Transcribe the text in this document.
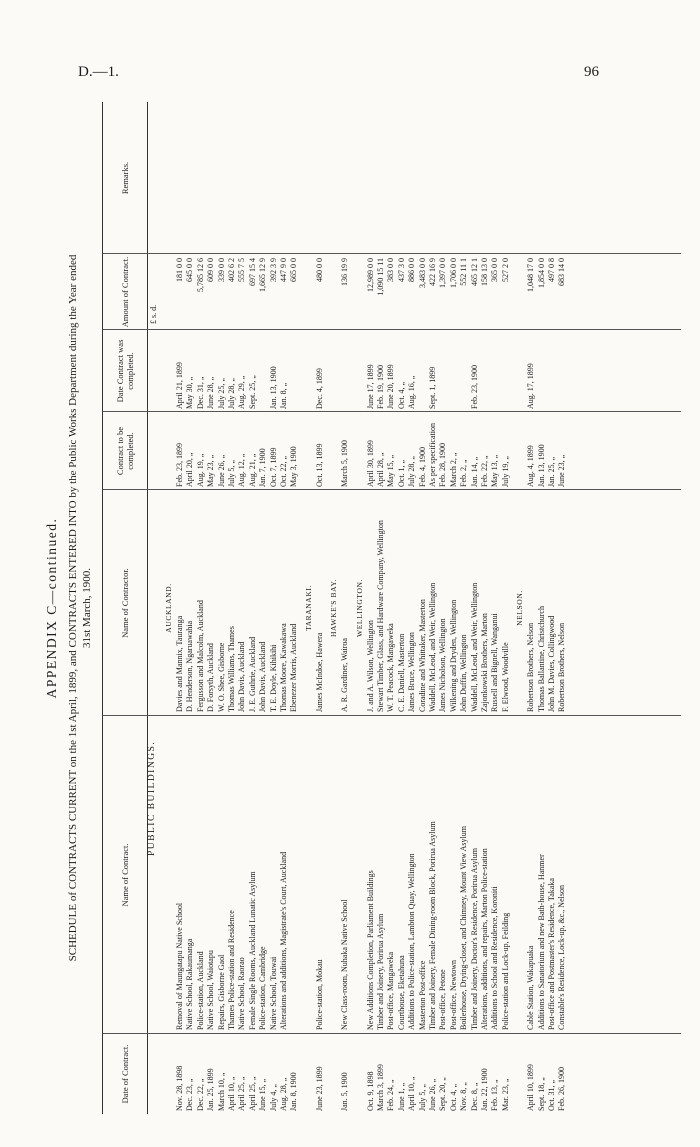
D.—1.	96
APPENDIX C—continued. SCHEDULE of CONTRACTS CURRENT on the 1st April, 1899, and CONTRACTS ENTERED INTO by the Public Works Department during the Year ended 31st March, 1900.
Date of Contract.
Name of Contract.
Name of Contractor.
Contract to be completed.
Date Contract was completed.
Amount of Contract.
Remarks.
PUBLIC BUILDINGS.
£ s. d.
AUCKLAND.
Nov. 28, 1898
Removal of Maungatapu Native School
Davies and Mannix, Tauranga
Feb. 23, 1899
April 21, 1899
181 0 0
Dec. 23, „
Native School, Rakaumanga
D. Henderson, Ngaruawahia
April 20, „
May 30, „
645 0 0
Dec. 22, „
Police-station, Auckland
Fergusson and Malcolm, Auckland
Aug. 19, „
Dec. 31, „
5,785 12 6
Jan. 25, 1899
Native School, Waiotapu
D. Forsyth, Auckland
May 23, „
June 28, „
609 0 0
March 10, „
Repairs, Gisborne Gaol
W. O. Shee, Gisborne
June 26, „
July 25, „
339 0 0
April 10, „
Thames Police-station and Residence
Thomas Williams, Thames
July 5, „
July 28, „
402 6 2
April 25, „
Native School, Raorao
John Davis, Auckland
Aug. 12, „
Aug. 29, „
555 7 5
April 25, „
Female Single Rooms, Auckland Lunatic Asylum
J. E. Guthrie, Auckland
Aug. 21, „
Sept. 25, „
697 15 4
June 15, „
Police-station, Cambridge
John Davis, Auckland
Jan. 7, 1900
1,665 12 9
July 4, „
Native School, Touwai
T. E. Doyle, Kihikihi
Oct. 7, 1899
Jan. 13, 1900
392 3 9
Aug. 28, „
Alterations and additions, Magistrate's Court, Auckland
Thomas Moore, Kawakawa
Oct. 22, „
Jan. 8, „
447 9 0
Jan. 8, 1900
Ebenezer Morris, Auckland
May 3, 1900
665 0 0
TARANAKI.
June 23, 1899
Police-station, Mokau
James McIndoe, Hawera
Oct. 13, 1899
Dec. 4, 1899
480 0 0
HAWKE'S BAY.
Jan. 5, 1900
New Class-room, Nuhaka Native School
A. R. Gardiner, Wairoa
March 5, 1900
136 19 9
WELLINGTON.
Oct. 9, 1898
New Additions Completion, Parliament Buildings
J. and A. Wilson, Wellington
April 30, 1899
June 17, 1899
12,989 0 0
March 3, 1899
Timber and Joinery, Porirua Asylum
Stewart Timber, Glass, and Hardware Company, Wellington
April 28, „
Feb. 19, 1900
1,090 15 11
Feb. 24, „
Post-office, Mangaweka
W. T. Peacock, Mangaweka
May 15, „
June 20, 1899
383 0 0
June 1, „
Courthouse, Eketahuna
C. E. Daniell, Masterton
Oct. 1, „
Oct. 4, „
437 3 0
April 10, „
Additions to Police-station, Lambton Quay, Wellington
James Bruce, Wellington
July 28, „
Aug. 16, „
886 0 0
July 5, „
Masterton Post-office
Coradine and Whittaker, Masterton
Feb. 4, 1900
3,483 0 0
June 26, „
Timber and Joinery, Female Dining-room Block, Porirua Asylum
Waddell, McLeod, and Weir, Wellington
As per specification
Sept. 1, 1899
422 16 9
Sept. 20, „
Post-office, Petone
James Nicholson, Wellington
Feb. 28, 1900
1,397 0 0
Oct. 4, „
Post-office, Newtown
Wilkening and Dryden, Wellington
March 2, „
1,706 0 0
Nov. 8, „
Boilerhouse, Drying-closet, and Chimney, Mount View Asylum
John Duffin, Wellington
Feb. 2, „
552 11 1
Dec. 8, „
Timber and Joinery, Doctor's Residence, Porirua Asylum
Waddell, McLeod, and Weir, Wellington
Jan. 14, „
Feb. 23, 1900
465 12 1
Jan. 22, 1900
Alterations, additions, and repairs, Marton Police-station
Zajonkowski Brothers, Marton
Feb. 22, „
158 13 0
Feb. 13, „
Additions to School and Residence, Koroniti
Russell and Bignell, Wanganui
May 13, „
365 0 0
Mar. 23, „
Police-station and Lock-up, Feilding
F. Elwood, Woodville
July 19, „
527 2 0
NELSON.
April 10, 1899
Cable Station, Wakapuaka
Robertson Brothers, Nelson
Aug. 4, 1899
Aug. 17, 1899
1,048 17 0
Sept. 18, „
Additions to Sanatorium and new Bath-house, Hanmer
Thomas Ballantine, Christchurch
Jan. 13, 1900
1,854 0 0
Oct. 31, „
Post-office and Postmaster's Residence, Takaka
John M. Davies, Collingwood
Jan. 25, „
497 0 8
Feb. 26, 1900
Constable's Residence, Lock-up, &c., Nelson
Robertson Brothers, Nelson
June 23, „
683 14 0
